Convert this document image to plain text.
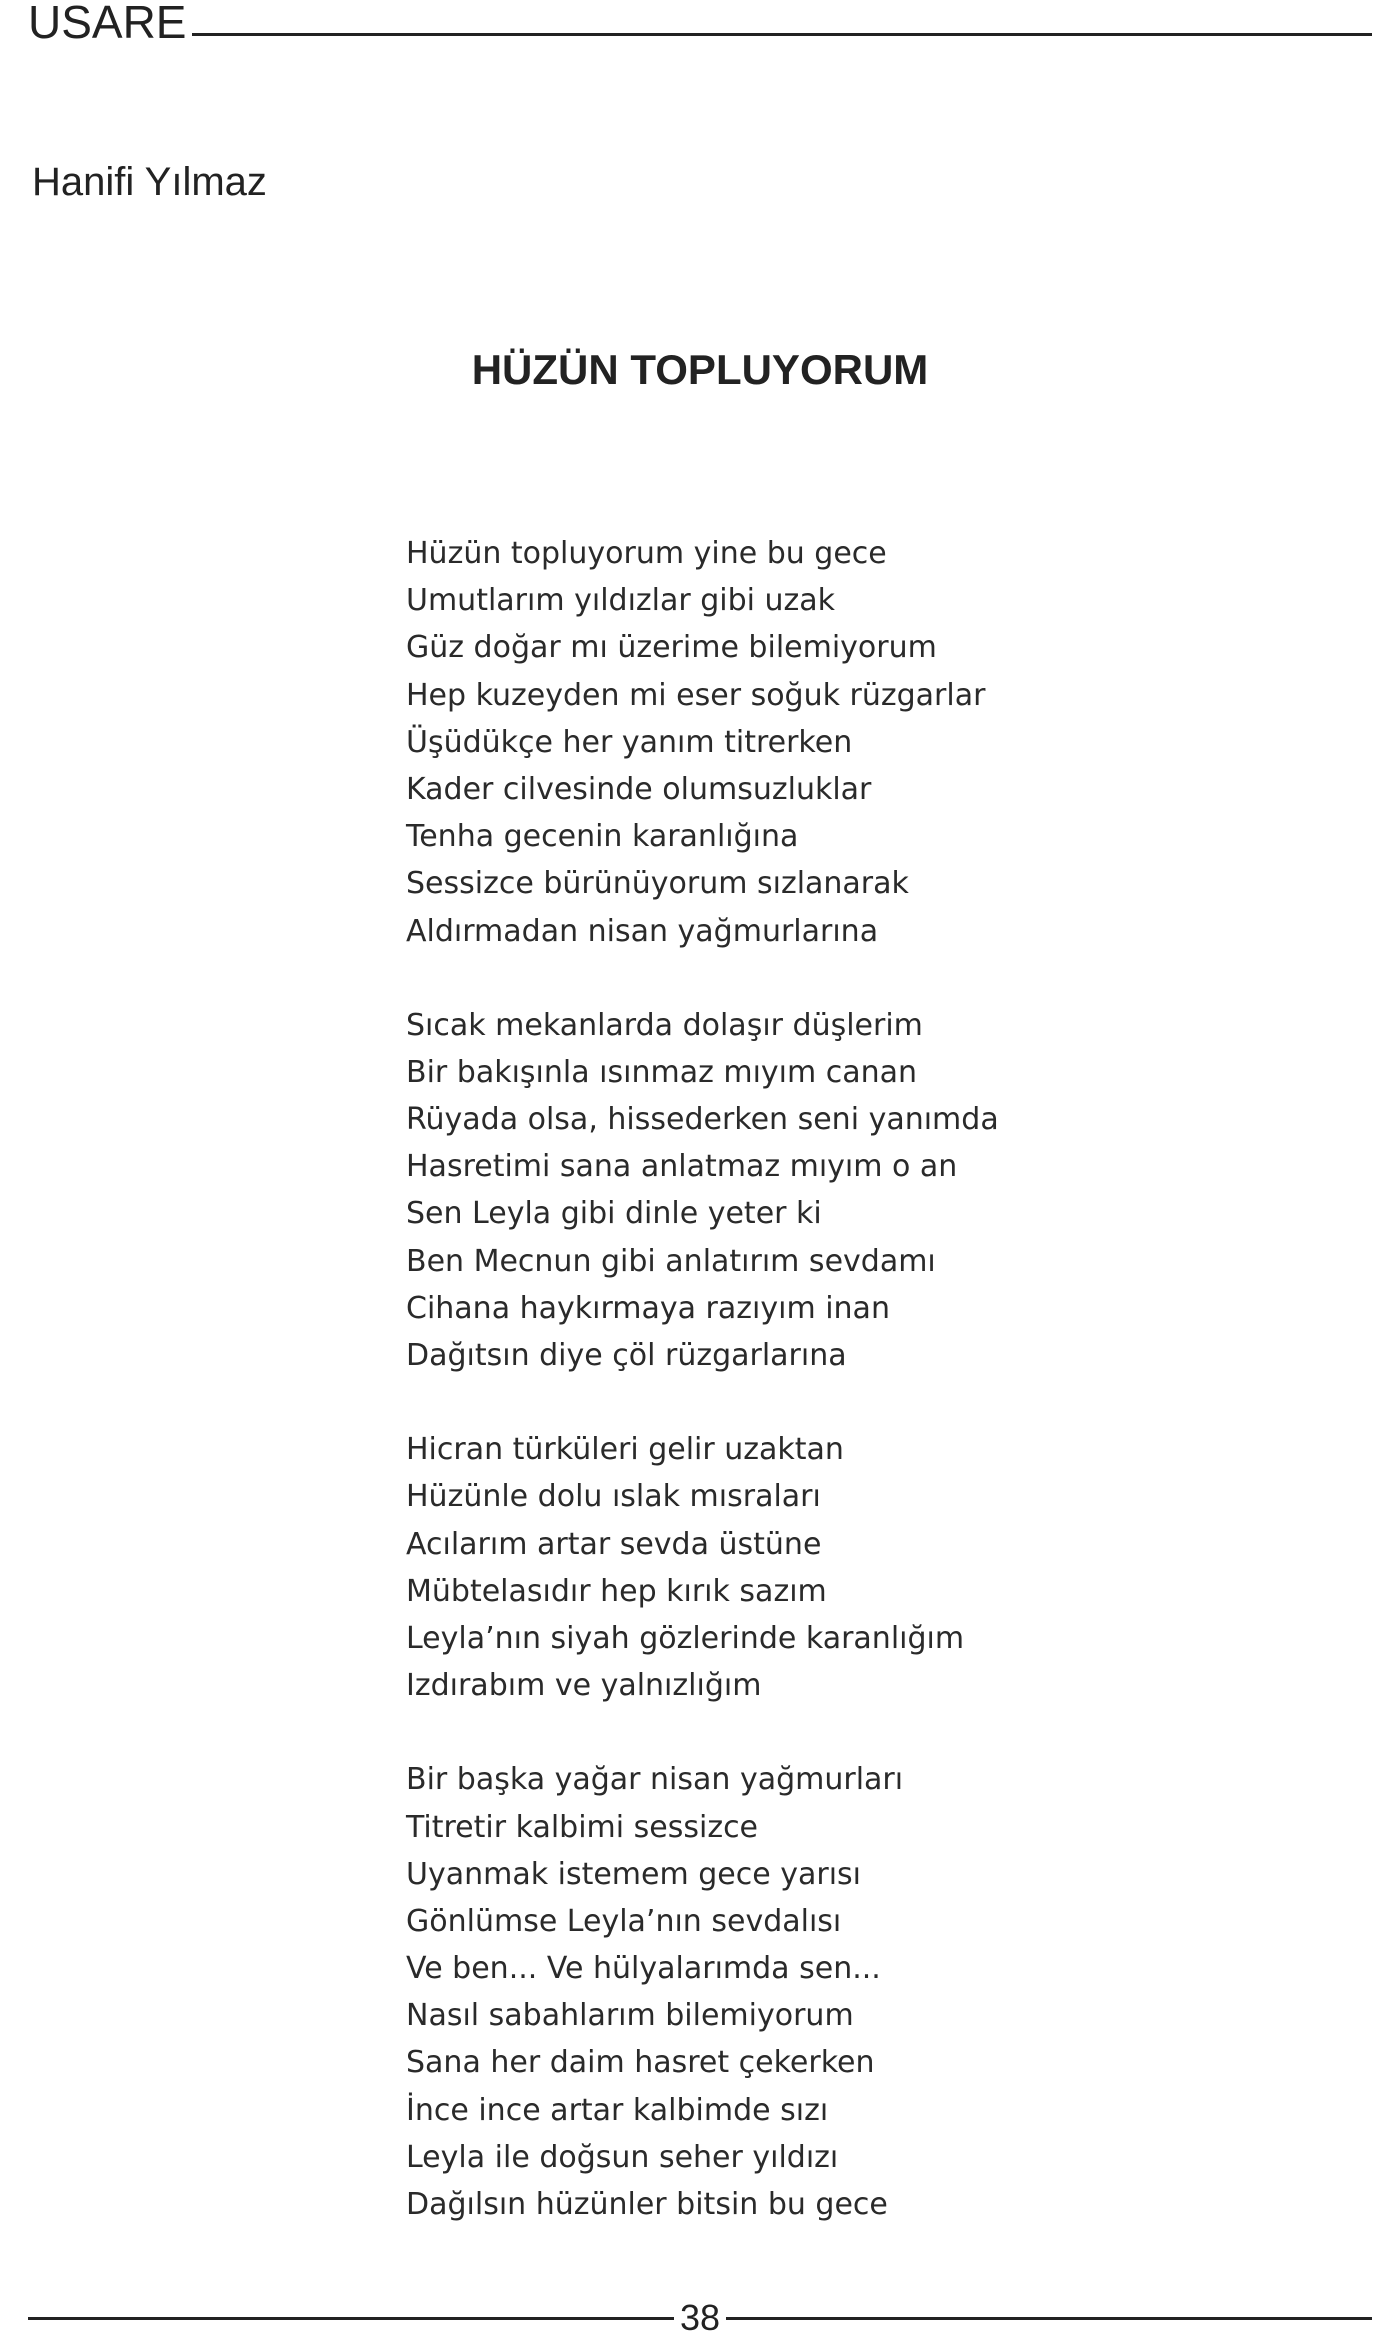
USARE
Hanifi Yılmaz
HÜZÜN TOPLUYORUM
Hüzün topluyorum yine bu gece
Umutlarım yıldızlar gibi uzak
Güz doğar mı üzerime bilemiyorum
Hep kuzeyden mi eser soğuk rüzgarlar
Üşüdükçe her yanım titrerken
Kader cilvesinde olumsuzluklar
Tenha gecenin karanlığına
Sessizce bürünüyorum sızlanarak
Aldırmadan nisan yağmurlarına
Sıcak mekanlarda dolaşır düşlerim
Bir bakışınla ısınmaz mıyım canan
Rüyada olsa, hissederken seni yanımda
Hasretimi sana anlatmaz mıyım o an
Sen Leyla gibi dinle yeter ki
Ben Mecnun gibi anlatırım sevdamı
Cihana haykırmaya razıyım inan
Dağıtsın diye çöl rüzgarlarına
Hicran türküleri gelir uzaktan
Hüzünle dolu ıslak mısraları
Acılarım artar sevda üstüne
Mübtelasıdır hep kırık sazım
Leyla’nın siyah gözlerinde karanlığım
Izdırabım ve yalnızlığım
Bir başka yağar nisan yağmurları
Titretir kalbimi sessizce
Uyanmak istemem gece yarısı
Gönlümse Leyla’nın sevdalısı
Ve ben... Ve hülyalarımda sen...
Nasıl sabahlarım bilemiyorum
Sana her daim hasret çekerken
İnce ince artar kalbimde sızı
Leyla ile doğsun seher yıldızı
Dağılsın hüzünler bitsin bu gece
38
